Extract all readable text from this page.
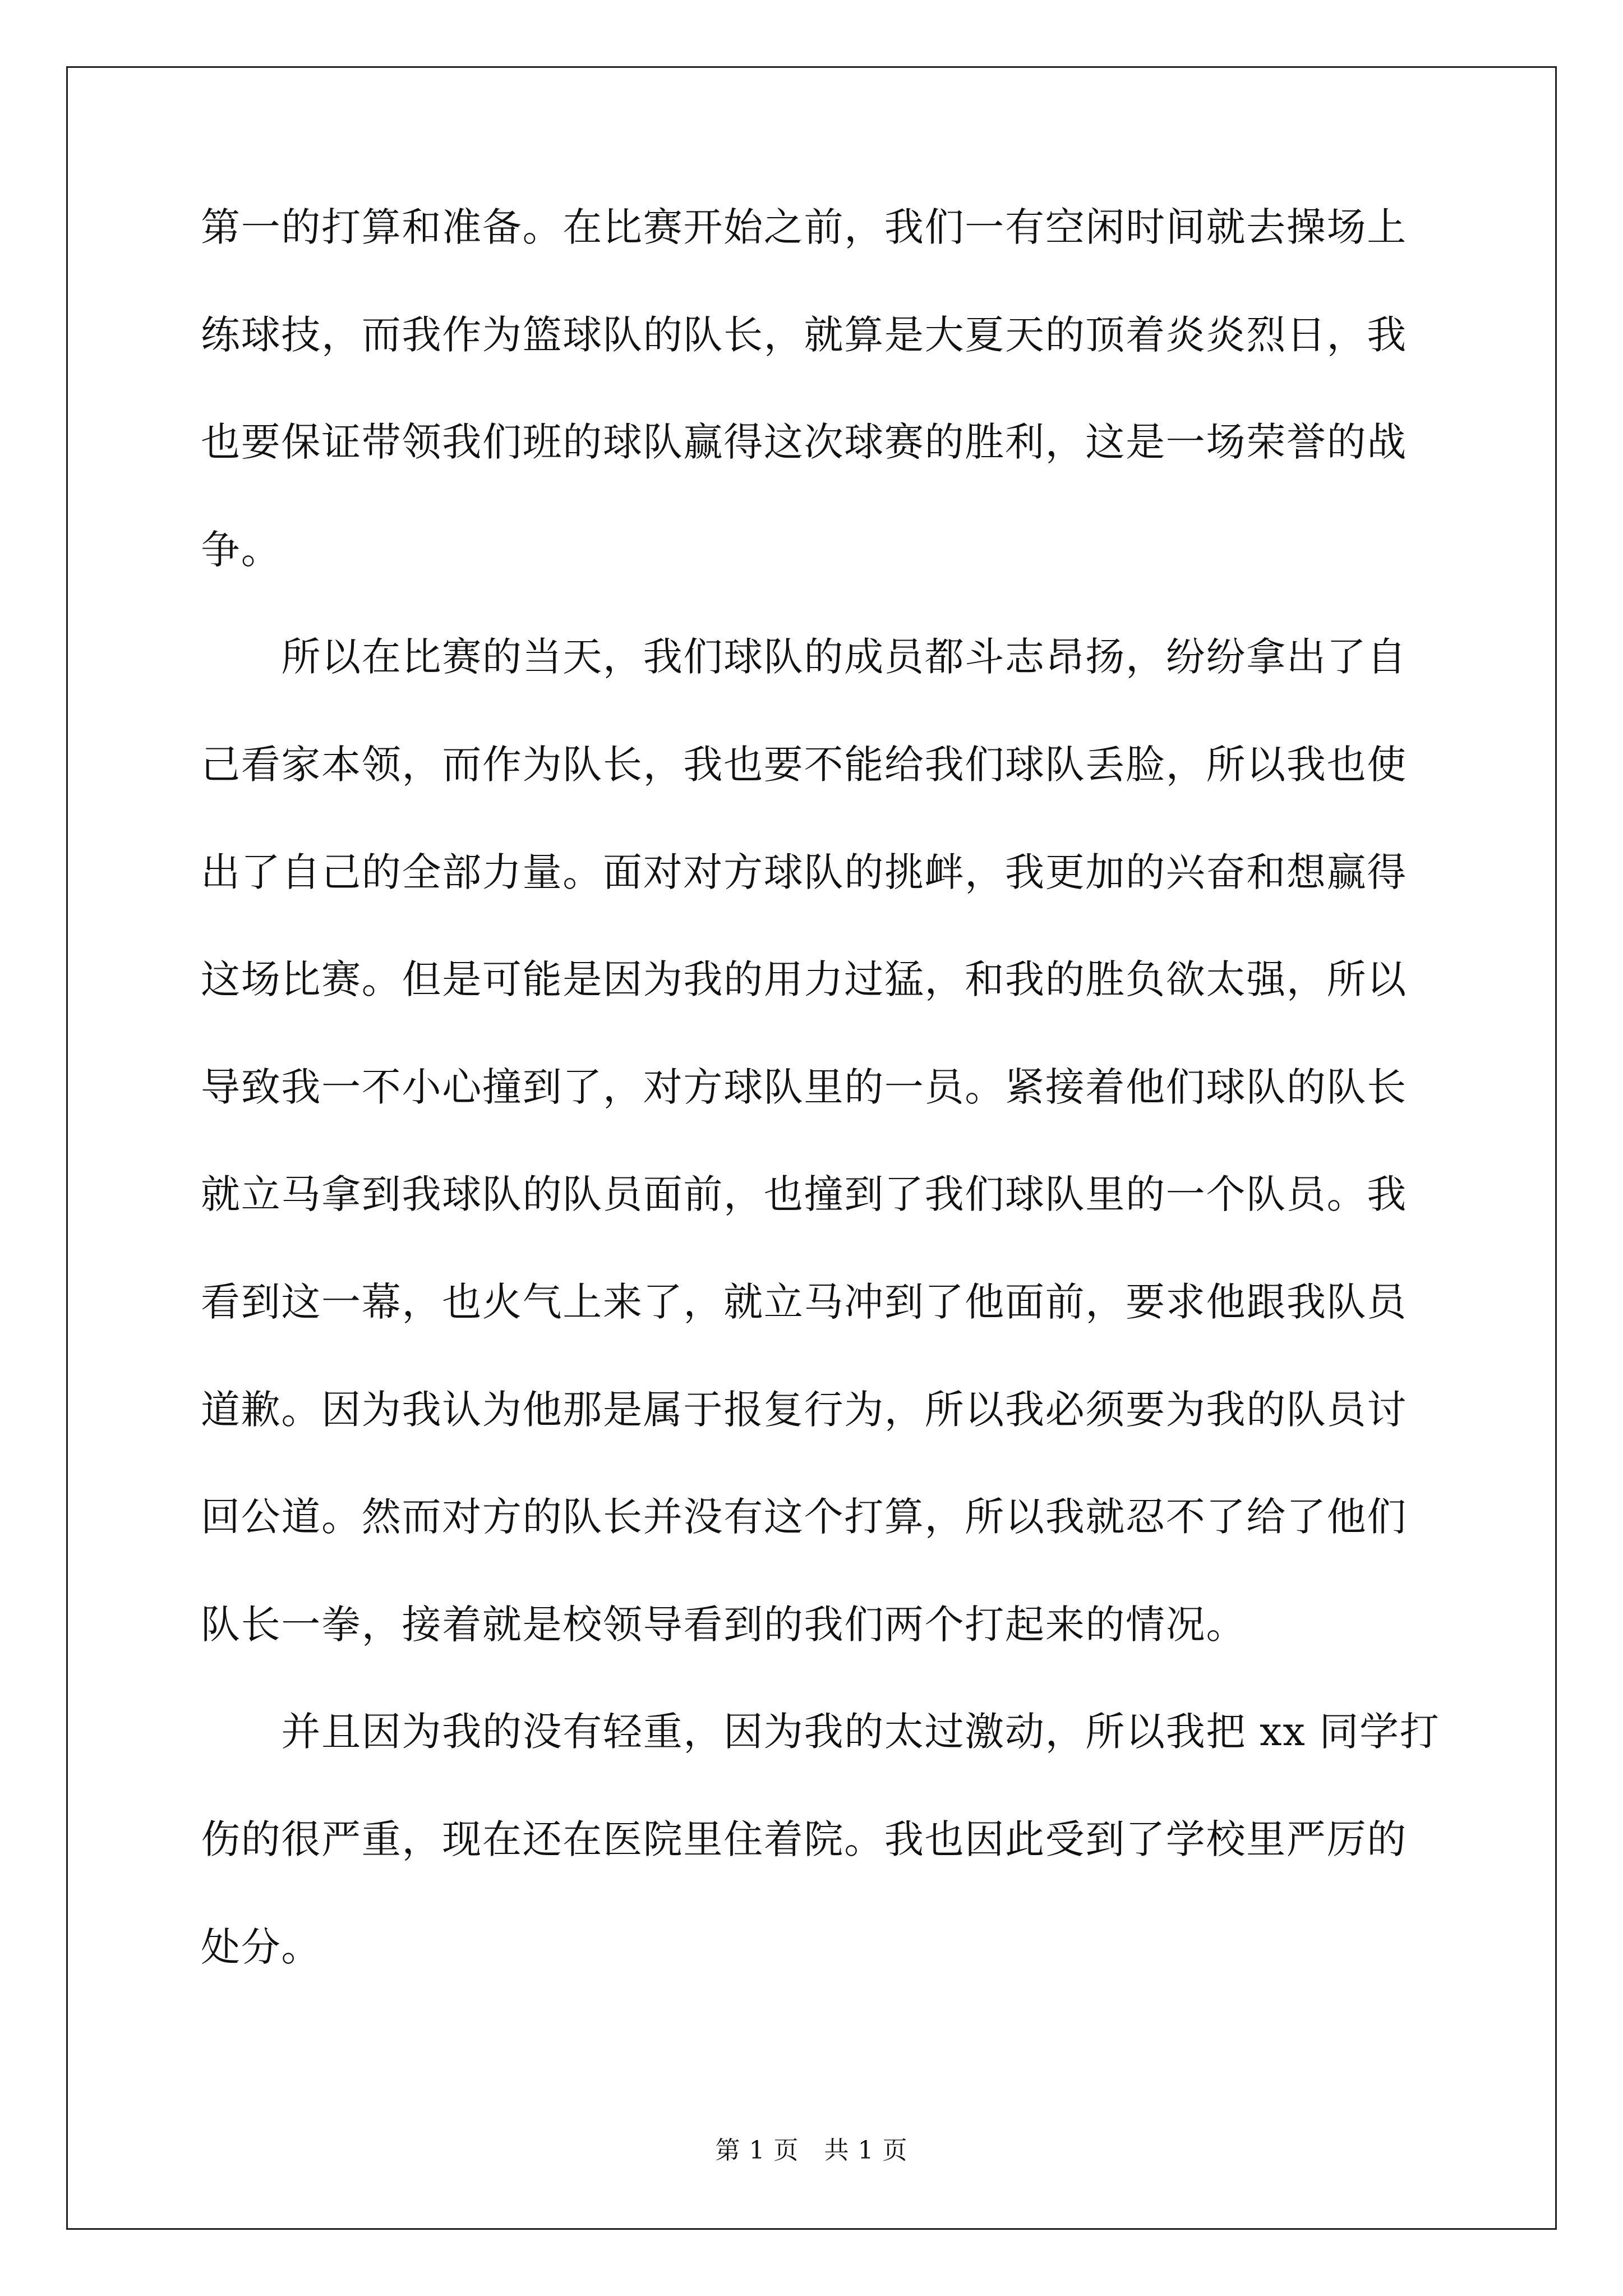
第一的打算和准备。在比赛开始之前，我们一有空闲时间就去操场上
练球技，而我作为篮球队的队长，就算是大夏天的顶着炎炎烈日，我
也要保证带领我们班的球队赢得这次球赛的胜利，这是一场荣誉的战
争。
　　所以在比赛的当天，我们球队的成员都斗志昂扬，纷纷拿出了自
己看家本领，而作为队长，我也要不能给我们球队丢脸，所以我也使
出了自己的全部力量。面对对方球队的挑衅，我更加的兴奋和想赢得
这场比赛。但是可能是因为我的用力过猛，和我的胜负欲太强，所以
导致我一不小心撞到了，对方球队里的一员。紧接着他们球队的队长
就立马拿到我球队的队员面前，也撞到了我们球队里的一个队员。我
看到这一幕，也火气上来了，就立马冲到了他面前，要求他跟我队员
道歉。因为我认为他那是属于报复行为，所以我必须要为我的队员讨
回公道。然而对方的队长并没有这个打算，所以我就忍不了给了他们
队长一拳，接着就是校领导看到的我们两个打起来的情况。
　　并且因为我的没有轻重，因为我的太过激动，所以我把 xx 同学打
伤的很严重，现在还在医院里住着院。我也因此受到了学校里严厉的
处分。
第 1 页　共 1 页
